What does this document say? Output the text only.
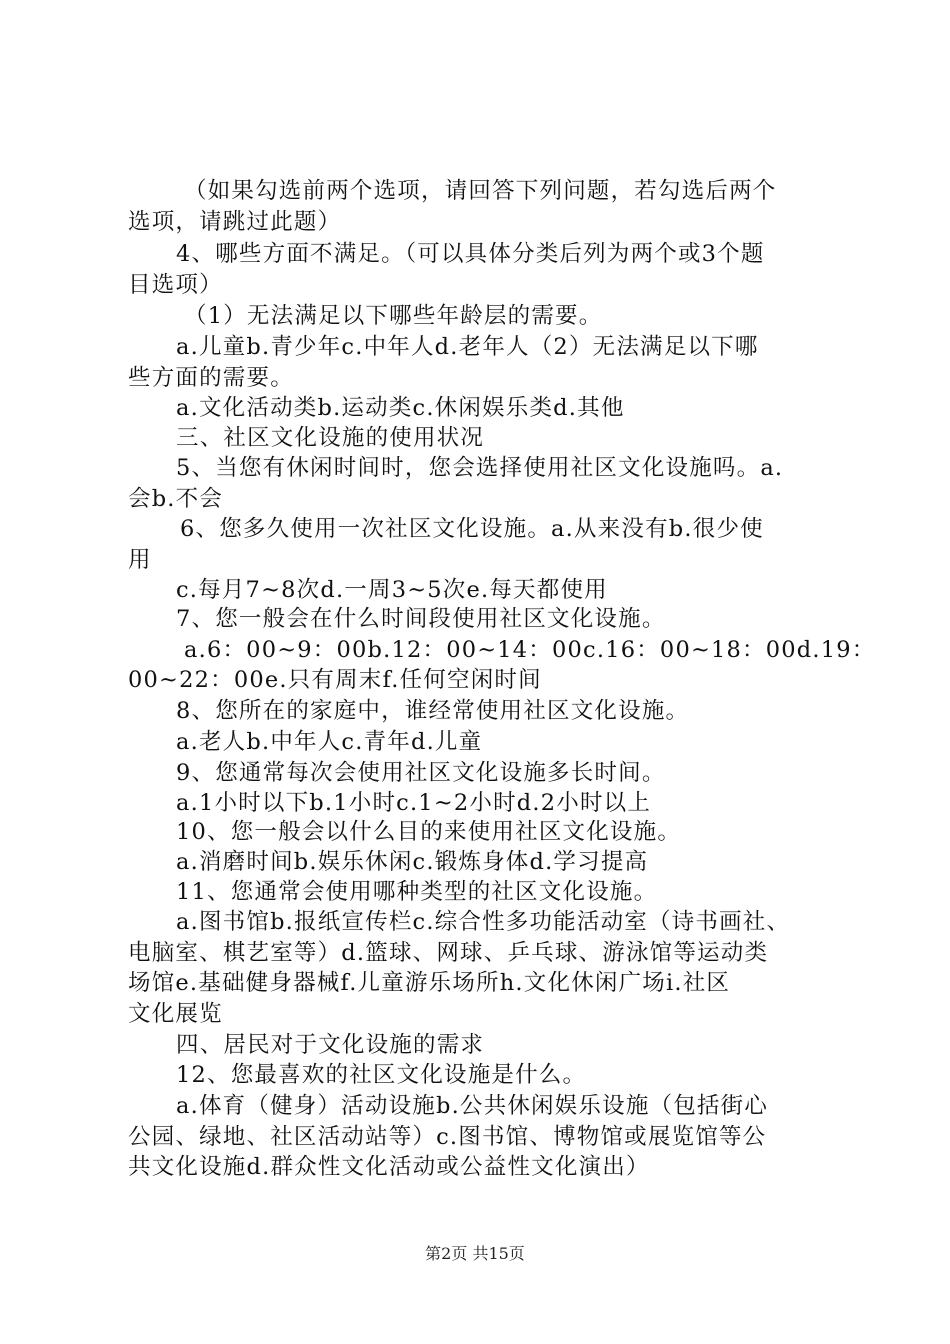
（如果勾选前两个选项，请回答下列问题，若勾选后两个
选项，请跳过此题）
4、哪些方面不满足。（可以具体分类后列为两个或3个题
目选项）
（1）无法满足以下哪些年龄层的需要。
a.儿童b.青少年c.中年人d.老年人（2）无法满足以下哪
些方面的需要。
a.文化活动类b.运动类c.休闲娱乐类d.其他
三、社区文化设施的使用状况
5、当您有休闲时间时，您会选择使用社区文化设施吗。a.
会b.不会
6、您多久使用一次社区文化设施。a.从来没有b.很少使
用
c.每月7~8次d.一周3~5次e.每天都使用
7、您一般会在什么时间段使用社区文化设施。
a.6：00~9：00b.12：00~14：00c.16：00~18：00d.19：
00~22：00e.只有周末f.任何空闲时间
8、您所在的家庭中，谁经常使用社区文化设施。
a.老人b.中年人c.青年d.儿童
9、您通常每次会使用社区文化设施多长时间。
a.1小时以下b.1小时c.1~2小时d.2小时以上
10、您一般会以什么目的来使用社区文化设施。
a.消磨时间b.娱乐休闲c.锻炼身体d.学习提高
11、您通常会使用哪种类型的社区文化设施。
a.图书馆b.报纸宣传栏c.综合性多功能活动室（诗书画社、
电脑室、棋艺室等）d.篮球、网球、乒乓球、游泳馆等运动类
场馆e.基础健身器械f.儿童游乐场所h.文化休闲广场i.社区
文化展览
四、居民对于文化设施的需求
12、您最喜欢的社区文化设施是什么。
a.体育（健身）活动设施b.公共休闲娱乐设施（包括街心
公园、绿地、社区活动站等）c.图书馆、博物馆或展览馆等公
共文化设施d.群众性文化活动或公益性文化演出）
第2页 共15页
